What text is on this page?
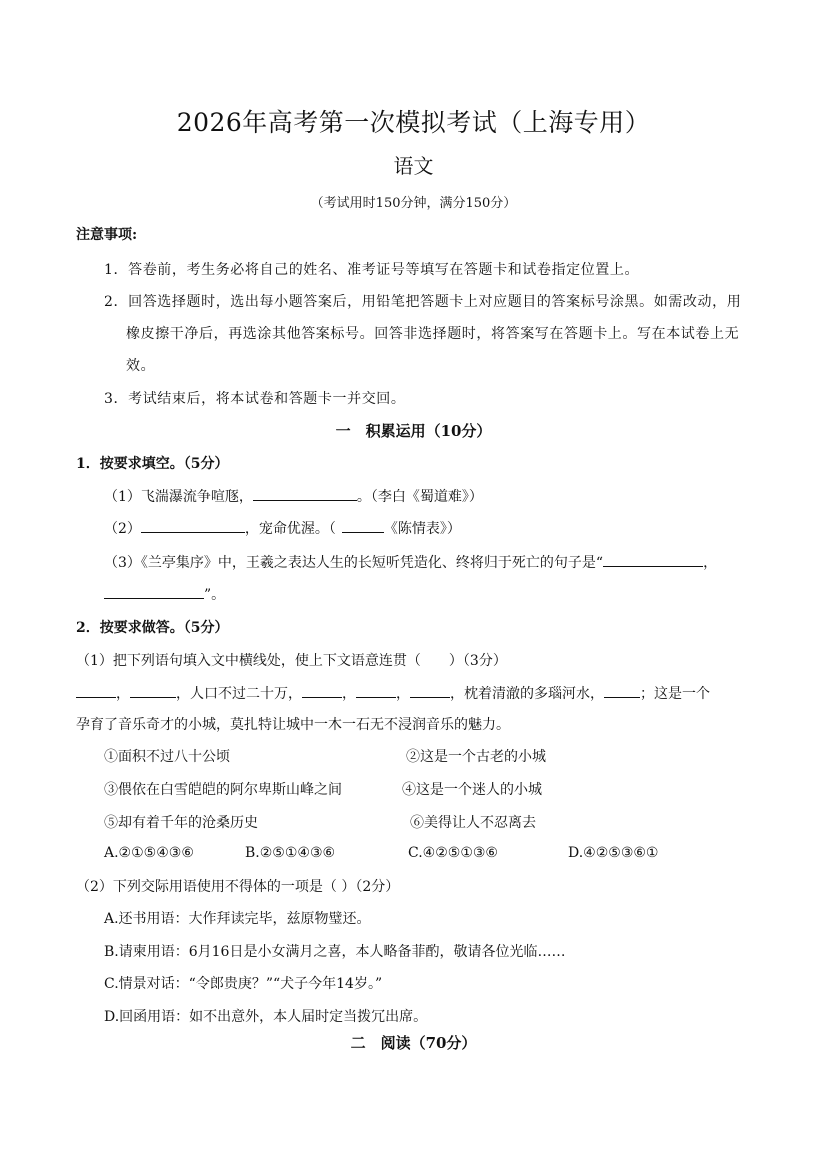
2026年高考第一次模拟考试（上海专用）
语文
（考试用时150分钟，满分150分）
注意事项:
1．答卷前，考生务必将自己的姓名、准考证号等填写在答题卡和试卷指定位置上。
2．回答选择题时，选出每小题答案后，用铅笔把答题卡上对应题目的答案标号涂黑。如需改动，用
橡皮擦干净后，再选涂其他答案标号。回答非选择题时，将答案写在答题卡上。写在本试卷上无
效。
3．考试结束后，将本试卷和答题卡一并交回。
一　积累运用（10分）
1．按要求填空。（5分）
（1）飞湍瀑流争喧豗，	。（李白《蜀道难》）
（2）	，宠命优渥。（	《陈情表》）
（3）《兰亭集序》中，王羲之表达人生的长短听凭造化、终将归于死亡的句子是“	，
”。
2．按要求做答。（5分）
（1）把下列语句填入文中横线处，使上下文语意连贯（　　）（3分）
，	，人口不过二十万，	，	，	，枕着清澈的多瑙河水，	；这是一个
孕育了音乐奇才的小城，莫扎特让城中一木一石无不浸润音乐的魅力。
①面积不过八十公顷	②这是一个古老的小城
③偎依在白雪皑皑的阿尔卑斯山峰之间	④这是一个迷人的小城
⑤却有着千年的沧桑历史	⑥美得让人不忍离去
A.②①⑤④③⑥	B.②⑤①④③⑥	C.④②⑤①③⑥	D.④②⑤③⑥①
（2）下列交际用语使用不得体的一项是（ ）（2分）
A.还书用语：大作拜读完毕，兹原物璧还。
B.请柬用语：6月16日是小女满月之喜，本人略备菲酌，敬请各位光临……
C.情景对话：“令郎贵庚？”“犬子今年14岁。”
D.回函用语：如不出意外，本人届时定当拨冗出席。
二　阅读（70分）
